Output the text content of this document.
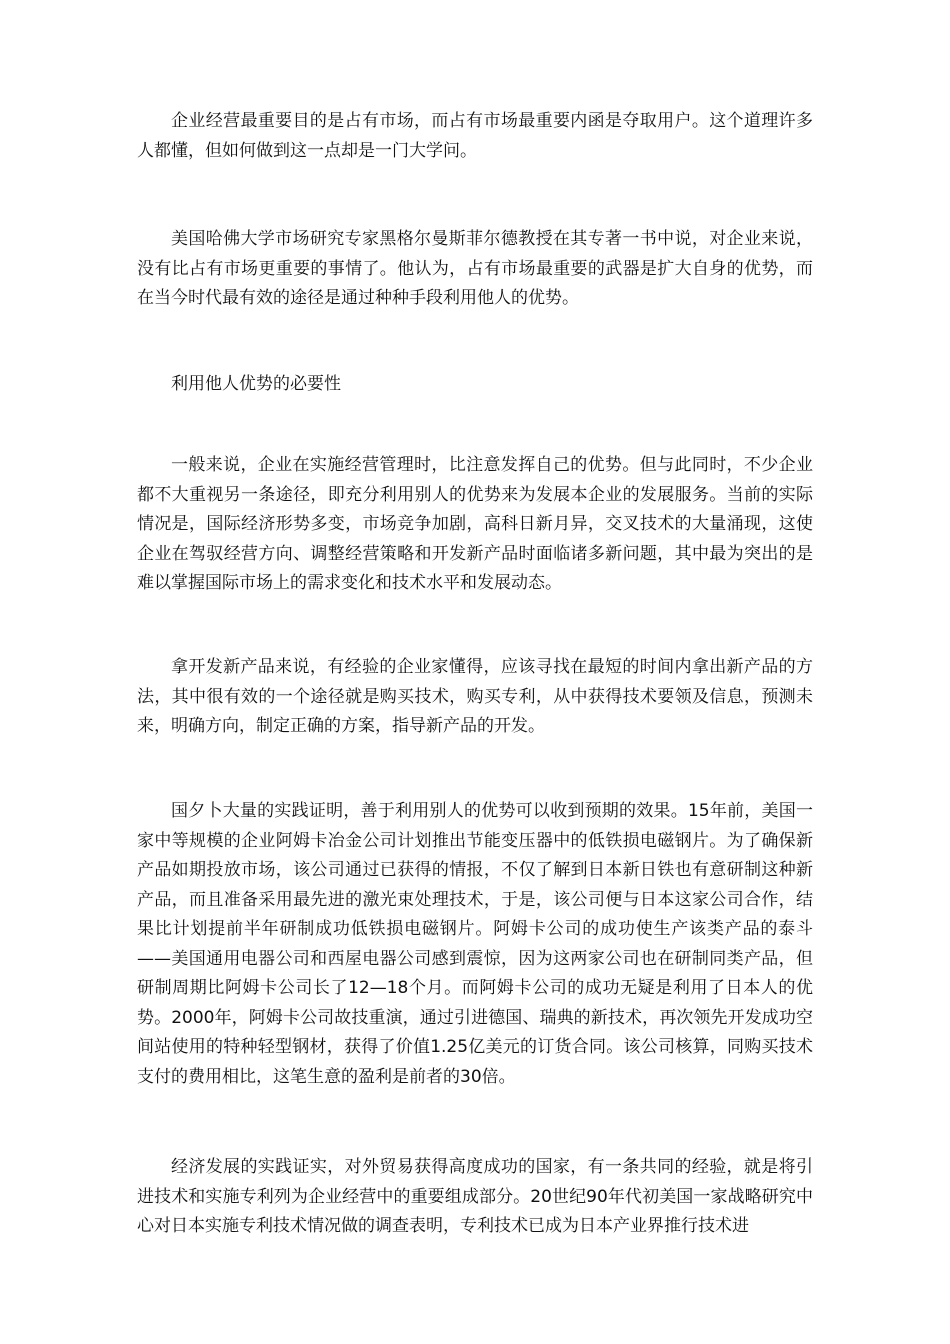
企业经营最重要目的是占有市场，而占有市场最重要内函是夺取用户。这个道理许多人都懂，但如何做到这一点却是一门大学问。

美国哈佛大学市场研究专家黑格尔曼斯菲尔德教授在其专著一书中说，对企业来说，没有比占有市场更重要的事情了。他认为，占有市场最重要的武器是扩大自身的优势，而在当今时代最有效的途径是通过种种手段利用他人的优势。

利用他人优势的必要性

一般来说，企业在实施经营管理时，比注意发挥自己的优势。但与此同时，不少企业都不大重视另一条途径，即充分利用别人的优势来为发展本企业的发展服务。当前的实际情况是，国际经济形势多变，市场竞争加剧，高科日新月异，交叉技术的大量涌现，这使企业在驾驭经营方向、调整经营策略和开发新产品时面临诸多新问题，其中最为突出的是难以掌握国际市场上的需求变化和技术水平和发展动态。

拿开发新产品来说，有经验的企业家懂得，应该寻找在最短的时间内拿出新产品的方法，其中很有效的一个途径就是购买技术，购买专利，从中获得技术要领及信息，预测未来，明确方向，制定正确的方案，指导新产品的开发。

国夕卜大量的实践证明，善于利用别人的优势可以收到预期的效果。15年前，美国一家中等规模的企业阿姆卡冶金公司计划推出节能变压器中的低铁损电磁钢片。为了确保新产品如期投放市场，该公司通过已获得的情报，不仅了解到日本新日铁也有意研制这种新产品，而且准备采用最先进的激光束处理技术，于是，该公司便与日本这家公司合作，结果比计划提前半年研制成功低铁损电磁钢片。阿姆卡公司的成功使生产该类产品的泰斗——美国通用电器公司和西屋电器公司感到震惊，因为这两家公司也在研制同类产品，但研制周期比阿姆卡公司长了12—18个月。而阿姆卡公司的成功无疑是利用了日本人的优势。2000年，阿姆卡公司故技重演，通过引进德国、瑞典的新技术，再次领先开发成功空间站使用的特种轻型钢材，获得了价值1.25亿美元的订货合同。该公司核算，同购买技术支付的费用相比，这笔生意的盈利是前者的30倍。

经济发展的实践证实，对外贸易获得高度成功的国家，有一条共同的经验，就是将引进技术和实施专利列为企业经营中的重要组成部分。20世纪90年代初美国一家战略研究中心对日本实施专利技术情况做的调查表明，专利技术已成为日本产业界推行技术进
